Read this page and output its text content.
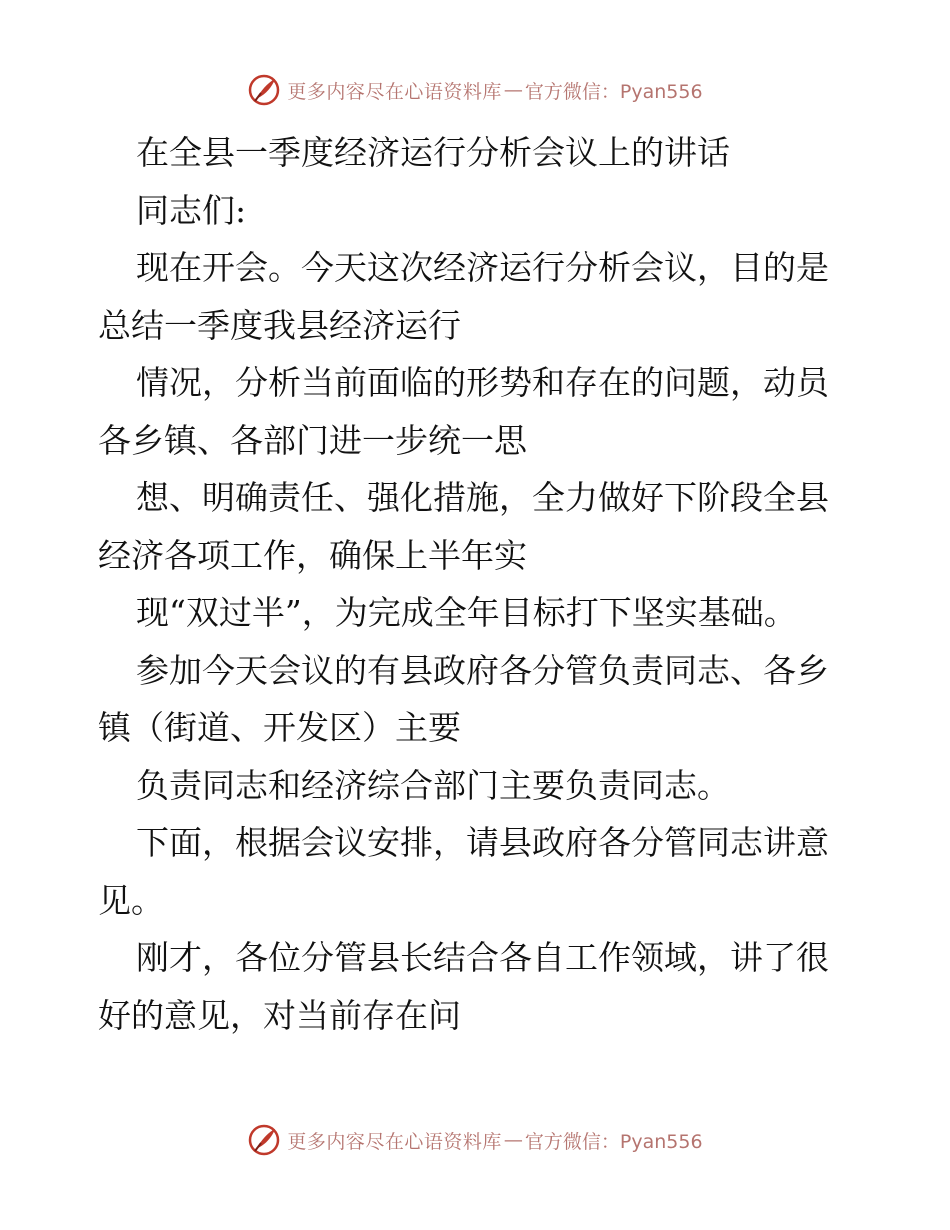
更多内容尽在心语资料库 — 官方微信：Pyan556
在全县一季度经济运行分析会议上的讲话
同志们:
现在开会。今天这次经济运行分析会议，目的是
总结一季度我县经济运行
情况，分析当前面临的形势和存在的问题，动员
各乡镇、各部门进一步统一思
想、明确责任、强化措施，全力做好下阶段全县
经济各项工作，确保上半年实
现“双过半”，为完成全年目标打下坚实基础。
参加今天会议的有县政府各分管负责同志、各乡
镇（街道、开发区）主要
负责同志和经济综合部门主要负责同志。
下面，根据会议安排，请县政府各分管同志讲意
见。
刚才，各位分管县长结合各自工作领域，讲了很
好的意见，对当前存在问
更多内容尽在心语资料库 — 官方微信：Pyan556
